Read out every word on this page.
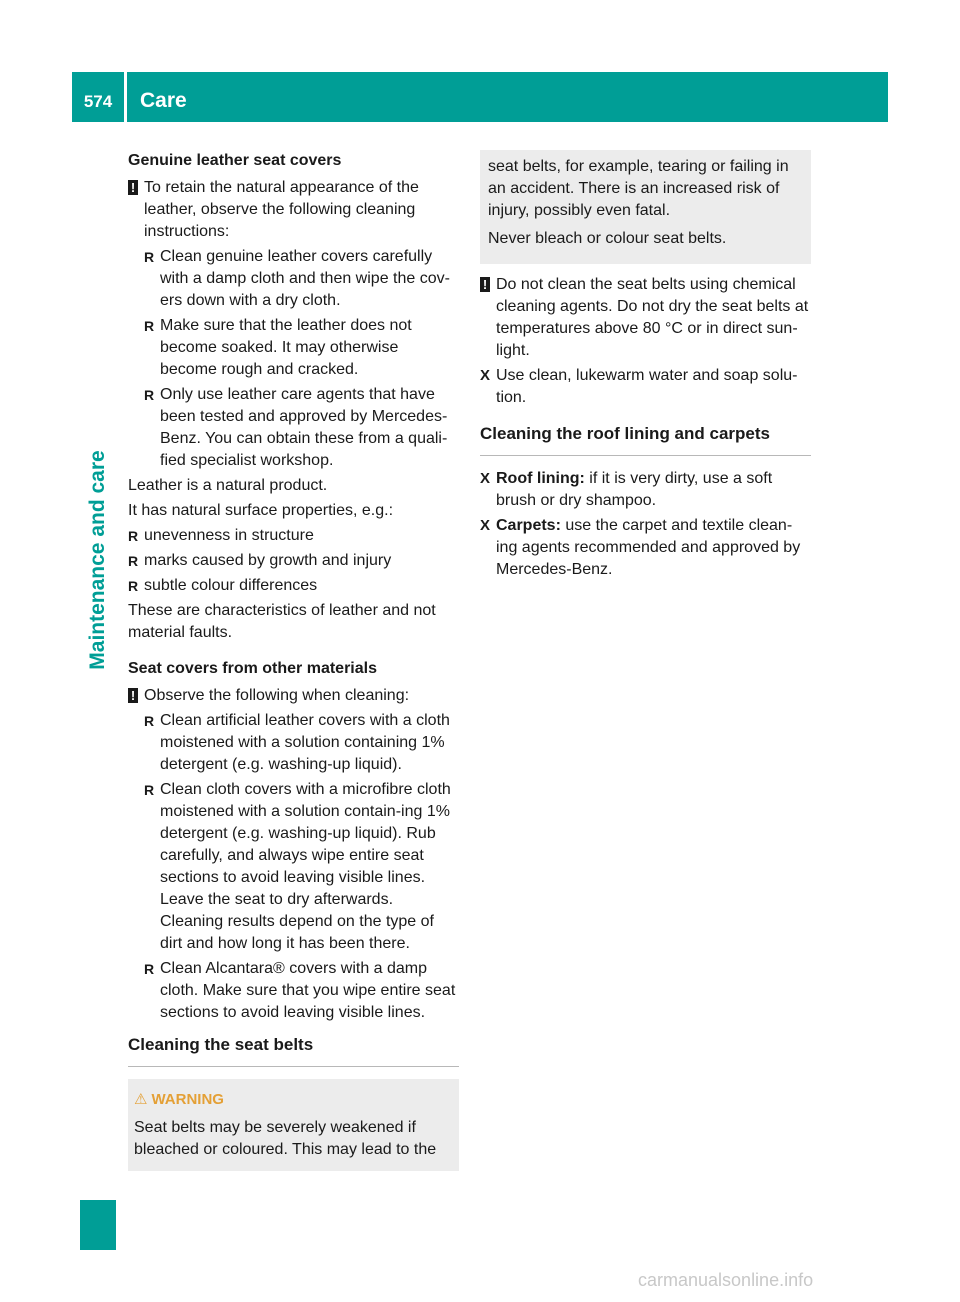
574	Care
Maintenance and care
Genuine leather seat covers
! To retain the natural appearance of the leather, observe the following cleaning instructions:
R Clean genuine leather covers carefully with a damp cloth and then wipe the cov-ers down with a dry cloth.
R Make sure that the leather does not become soaked. It may otherwise become rough and cracked.
R Only use leather care agents that have been tested and approved by Mercedes-Benz. You can obtain these from a quali-fied specialist workshop.

Leather is a natural product.

It has natural surface properties, e.g.:

R unevenness in structure
R marks caused by growth and injury
R subtle colour differences

These are characteristics of leather and not material faults.

Seat covers from other materials
! Observe the following when cleaning:
R Clean artificial leather covers with a cloth moistened with a solution containing 1% detergent (e.g. washing-up liquid).
R Clean cloth covers with a microfibre cloth moistened with a solution contain-ing 1% detergent (e.g. washing-up liquid). Rub carefully, and always wipe entire seat sections to avoid leaving visible lines. Leave the seat to dry afterwards. Cleaning results depend on the type of dirt and how long it has been there.
R Clean Alcantara® covers with a damp cloth. Make sure that you wipe entire seat sections to avoid leaving visible lines.
Cleaning the seat belts
⚠ WARNING
Seat belts may be severely weakened if bleached or coloured. This may lead to the

seat belts, for example, tearing or failing in an accident. There is an increased risk of injury, possibly even fatal.

Never bleach or colour seat belts.

! Do not clean the seat belts using chemical cleaning agents. Do not dry the seat belts at temperatures above 80 °C or in direct sun-light.
X Use clean, lukewarm water and soap solu-tion.
Cleaning the roof lining and carpets
X Roof lining: if it is very dirty, use a soft brush or dry shampoo.
X Carpets: use the carpet and textile clean-ing agents recommended and approved by Mercedes-Benz.
carmanualsonline.info
